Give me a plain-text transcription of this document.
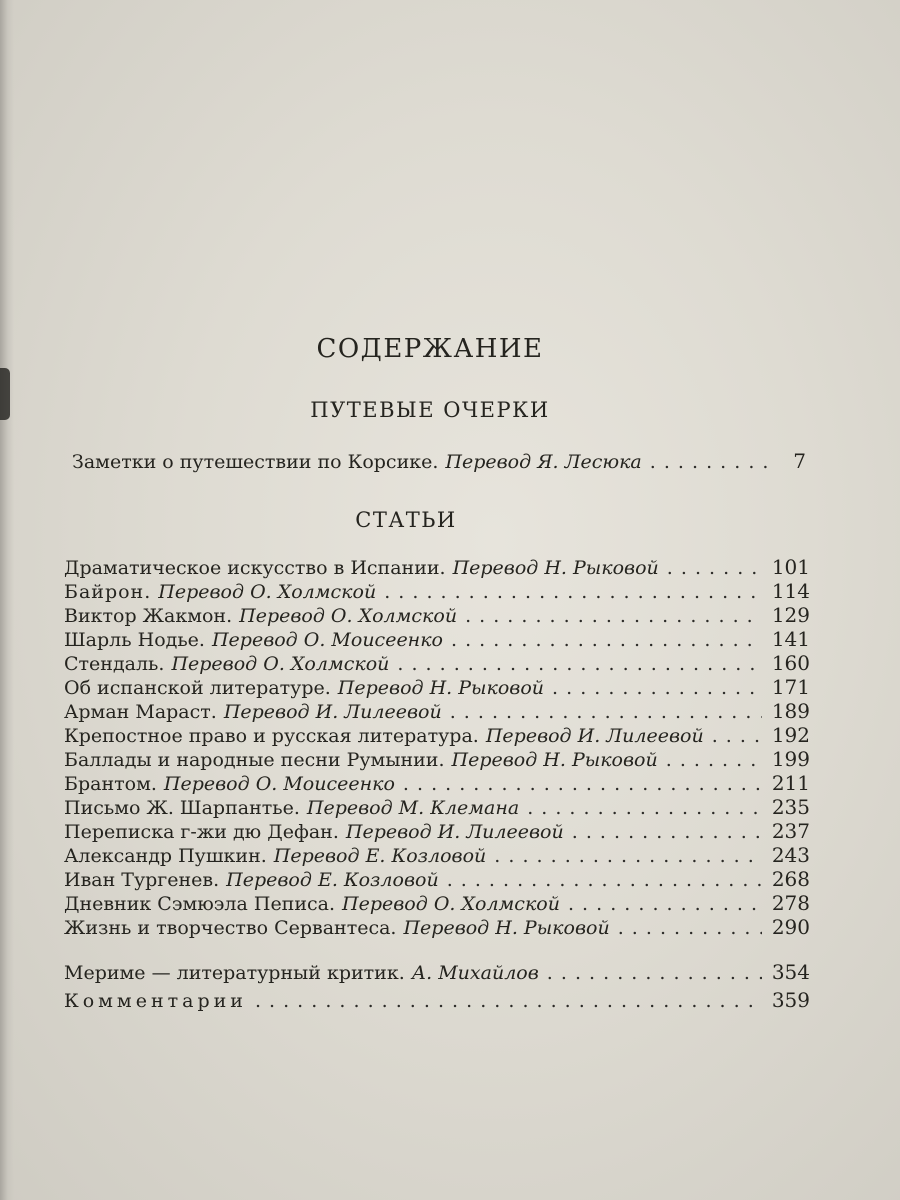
СОДЕРЖАНИЕ
ПУТЕВЫЕ ОЧЕРКИ
Заметки о путешествии по Корсике. Перевод Я. Лесюка . . .	7
СТАТЬИ
Драматическое искусство в Испании. Перевод Н. Рыковой . . .	101
Байрон. Перевод О. Холмской . . .	114
Виктор Жакмон. Перевод О. Холмской . . .	129
Шарль Нодье. Перевод О. Моисеенко . . .	141
Стендаль. Перевод О. Холмской . . .	160
Об испанской литературе. Перевод Н. Рыковой . . .	171
Арман Мараст. Перевод И. Лилеевой . . .	189
Крепостное право и русская литература. Перевод И. Лилеевой . . .	192
Баллады и народные песни Румынии. Перевод Н. Рыковой . . .	199
Брантом. Перевод О. Моисеенко . . .	211
Письмо Ж. Шарпантье. Перевод М. Клемана . . .	235
Переписка г-жи дю Дефан. Перевод И. Лилеевой . . .	237
Александр Пушкин. Перевод Е. Козловой . . .	243
Иван Тургенев. Перевод Е. Козловой . . .	268
Дневник Сэмюэла Пеписа. Перевод О. Холмской . . .	278
Жизнь и творчество Сервантеса. Перевод Н. Рыковой . . .	290
Мериме — литературный критик. А. Михайлов . . .	354
Комментарии . . .	359
